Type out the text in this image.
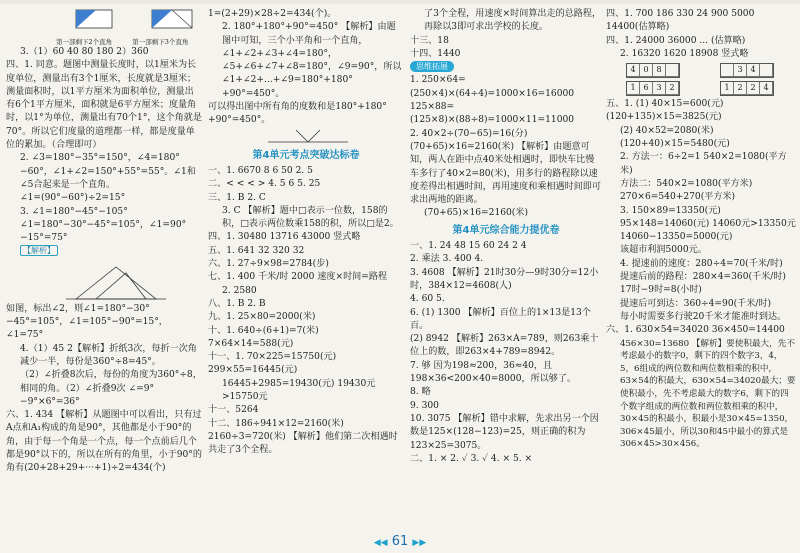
第一部剩下2个直角	第一部剩下3个直角

3.（1）60 40 80 180 2）360

四、1. 同意。题图中测量长度时，以1厘米为长度单位，测量出有3个1厘米，长度就是3厘米；测量面积时，以1平方厘米为面积单位，测量出有6个1平方厘米，面积就是6平方厘米；度量角时，以1°为单位，测量出有70个1°，这个角就是70°。所以它们度量的道理都一样，都是度量单位的累加。（合理即可）

2. ∠3=180°−35°=150°，∠4=180°−60°，∠1+∠2=150°+55°=55°。∠1和∠5合起来是一个直角。

∠1=(90°−60°)÷2=15°

3. ∠1=180°−45°−105°

∠1=180°−30°−45°=105°，∠1=90°−15°=75°

【解析】

如图，标出∠2，则∠1=180°−30°−45°=105°，∠1=105°−90°=15°，∠1=75°

4.（1）45 2【解析】折纸3次，每折一次角减少一半，每份是360°÷8=45°。

（2）∠折叠8次后，每份的角度为360°÷8，相同的角。（2）∠折叠9次 ∠=9°−9°×6°=36°

六、1. 434 【解析】从题图中可以看出，只有过A点和A₁构成的角是90°，其他都是小于90°的角，由于每一个角是一个点，每一个点前后几个都是90°以下的，所以在所有的角里，小于90°的角有(20+28+29+···+1)÷2=434(个)

1=(2+29)×28÷2=434(个)。

2. 180°+180°+90°=450° 【解析】由题图中可知，三个小平角和一个直角，∠1+∠2+∠3+∠4=180°，∠5+∠6+∠7+∠8=180°，∠9=90°，所以∠1+∠2+...+∠9=180°+180°+90°=450°。

可以得出图中所有角的度数和是180°+180°+90°=450°。

第4单元考点突破达标卷

一、1. 6670 8 6 50 2. 5

二、< < < > 4. 5 6 5. 25

三、1. B 2. C

3. C 【解析】题中□表示一位数，158的积，□表示两位数乘158的积，所以□是2。

四、1. 30480 13716 43000 竖式略

五、1. 641 32 320 32

六、1. 27÷9×98=2784(步)

七、1. 400 千米/时 2000 速度×时间=路程

2. 2580

八、1. B 2. B

九、1. 25×80=2000(米)

十、1. 640÷(6+1)=7(米) 7×64×14=588(元)

十一、1. 70×225=15750(元) 299×55=16445(元)

16445+2985=19430(元) 19430元>15750元

十一、5264

十二、186÷941×12=2160(米) 2160÷3=720(米) 【解析】他们第二次相遇时共走了3个全程。

了3个全程，用速度×时间算出走的总路程，再除以3即可求出学校的长度。

十三、18

十四、1440

思维拓展

1. 250×64=(250×4)×(64÷4)=1000×16=16000 125×88=(125×8)×(88÷8)=1000×11=11000

2. 40×2÷(70−65)=16(分) (70+65)×16=2160(米) 【解析】由题意可知，两人在距中点40米处相遇时，即快车比慢车多行了40×2=80(米)，用多行的路程除以速度差得出相遇时间，再用速度和乘相遇时间即可求出两地的距离。

(70+65)×16=2160(米)

第4单元综合能力提优卷

一、1. 24 48 15 60 24 2 4

2. 乘法 3. 400 4.

3. 4608 【解析】21时30分—9时30分=12小时，384×12=4608(人)

4. 60 5.

6. (1) 1300 【解析】百位上的1×13是13个百。

(2) 8942 【解析】263×A=789，则263乘十位上的数，即263×4+789=8942。

7. 够 因为198≈200，36≈40，且198×36<200×40=8000，所以够了。

8. 略

9. 300

10. 3075 【解析】错中求解，先求出另一个因数是125×(128−123)=25，则正确的积为123×25=3075。

二、1. × 2. ✓ 3. ✓ 4. × 5. ×

四、1. 700 186 330 24 900 5000 14400(估算略)

四、1. 24000 36000 ... (估算略)

2. 16320 1620 18908 竖式略

4 0 8
1 6 3 2
3 4
1 2 2 4

五、1. (1) 40×15=600(元) (120+135)×15=3825(元)

(2) 40×52=2080(米) (120+40)×15=5480(元)

2. 方法一：6÷2=1 540×2=1080(平方米)

方法二：540×2=1080(平方米)

270×6=540+270(平方米)

3. 150×89=13350(元) 95×148=14060(元) 14060元>13350元

14060−13350=5000(元)

该超市利润5000元。

4. 提速前的速度：280÷4=70(千米/时)

提速后前的路程：280×4=360(千米/时)

17时−9时=8(小时)

提速后可到达：360÷4=90(千米/时)

每小时需要多行驶20千米才能准时到达。

六、1. 630×54=34020 36×450=14400

456×30=13680 【解析】要使积最大，先不考虑最小的数字0，剩下的四个数字3，4，5，6组成的两位数和两位数相乘的积中，63×54的积最大，630×54=34020最大；要使积最小，先不考虑最大的数字6，剩下的四个数字组成的两位数和两位数相乘的积中，30×45的积最小，积最小是30×45=1350，306×45最小，所以30和45中最小的算式是306×45>30×456。

◀◀ 61 ▶▶
